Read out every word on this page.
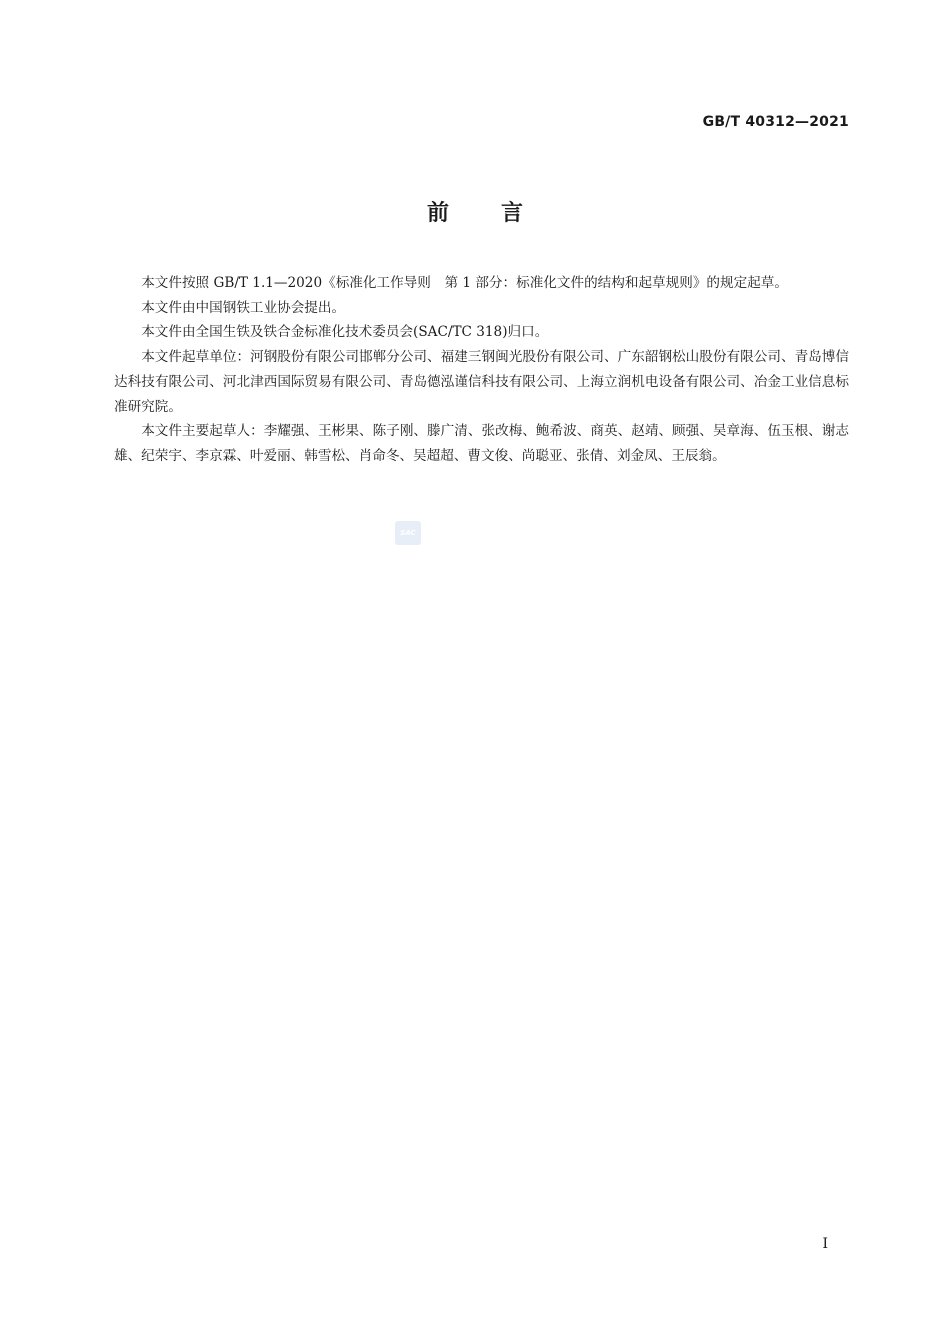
GB/T 40312—2021
前言

本文件按照 GB/T 1.1—2020《标准化工作导则　第 1 部分：标准化文件的结构和起草规则》的规定起草。

本文件由中国钢铁工业协会提出。

本文件由全国生铁及铁合金标准化技术委员会(SAC/TC 318)归口。

本文件起草单位：河钢股份有限公司邯郸分公司、福建三钢闽光股份有限公司、广东韶钢松山股份有限公司、青岛博信达科技有限公司、河北津西国际贸易有限公司、青岛德泓谨信科技有限公司、上海立润机电设备有限公司、冶金工业信息标准研究院。

本文件主要起草人：李耀强、王彬果、陈子刚、滕广清、张改梅、鲍希波、商英、赵靖、顾强、吴章海、伍玉根、谢志雄、纪荣宇、李京霖、叶爱丽、韩雪松、肖命冬、吴超超、曹文俊、尚聪亚、张倩、刘金凤、王辰翁。

SAC
I
